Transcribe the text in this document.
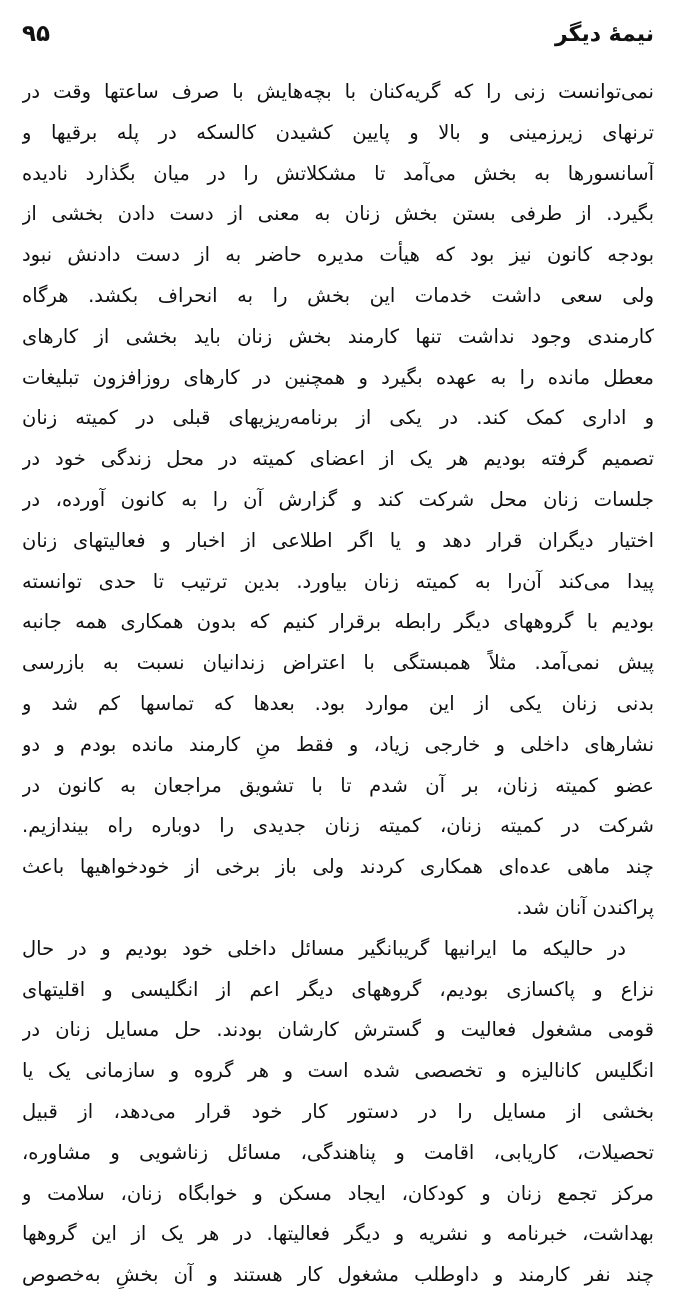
نیمهٔ دیگر
۹۵
نمی‌توانست زنی را که گریه‌کنان با بچه‌هایش با صرف ساعتها وقت در
ترنهای زیرزمینی و بالا و پایین کشیدن کالسکه در پله برقیها و
آسانسورها به بخش می‌آمد تا مشکلاتش را در میان بگذارد نادیده
بگیرد. از طرفی بستن بخش زنان به معنی از دست دادن بخشی از
بودجه کانون نیز بود که هیأت مدیره حاضر به از دست دادنش نبود
ولی سعی داشت خدمات این بخش را به انحراف بکشد. هرگاه
کارمندی وجود نداشت تنها کارمند بخش زنان باید بخشی از کارهای
معطل مانده را به عهده بگیرد و همچنین در کارهای روزافزون تبلیغات
و اداری کمک کند. در یکی از برنامه‌ریزیهای قبلی در کمیته زنان
تصمیم گرفته بودیم هر یک از اعضای کمیته در محل زندگی خود در
جلسات زنان محل شرکت کند و گزارش آن را به کانون آورده، در
اختیار دیگران قرار دهد و یا اگر اطلاعی از اخبار و فعالیتهای زنان
پیدا می‌کند آن‌را به کمیته زنان بیاورد. بدین ترتیب تا حدی توانسته
بودیم با گروههای دیگر رابطه برقرار کنیم که بدون همکاری همه جانبه
پیش نمی‌آمد. مثلاً همبستگی با اعتراض زندانیان نسبت به بازرسی
بدنی زنان یکی از این موارد بود. بعدها که تماسها کم شد و
نشارهای داخلی و خارجی زیاد، و فقط منِ کارمند مانده بودم و دو
عضو کمیته زنان، بر آن شدم تا با تشویق مراجعان به کانون در
شرکت در کمیته زنان، کمیته زنان جدیدی را دوباره راه بیندازیم.
چند ماهی عده‌ای همکاری کردند ولی باز برخی از خودخواهیها باعث
پراکندن آنان شد.
در حالیکه ما ایرانیها گریبانگیر مسائل داخلی خود بودیم و در حال
نزاع و پاکسازی بودیم، گروههای دیگر اعم از انگلیسی و اقلیتهای
قومی مشغول فعالیت و گسترش کارشان بودند. حل مسایل زنان در
انگلیس کانالیزه و تخصصی شده است و هر گروه و سازمانی یک یا
بخشی از مسایل را در دستور کار خود قرار می‌دهد، از قبیل
تحصیلات، کاریابی، اقامت و پناهندگی، مسائل زناشویی و مشاوره،
مرکز تجمع زنان و کودکان، ایجاد مسکن و خوابگاه زنان، سلامت و
بهداشت، خبرنامه و نشریه و دیگر فعالیتها. در هر یک از این گروهها
چند نفر کارمند و داوطلب مشغول کار هستند و آن بخشِ به‌خصوص
